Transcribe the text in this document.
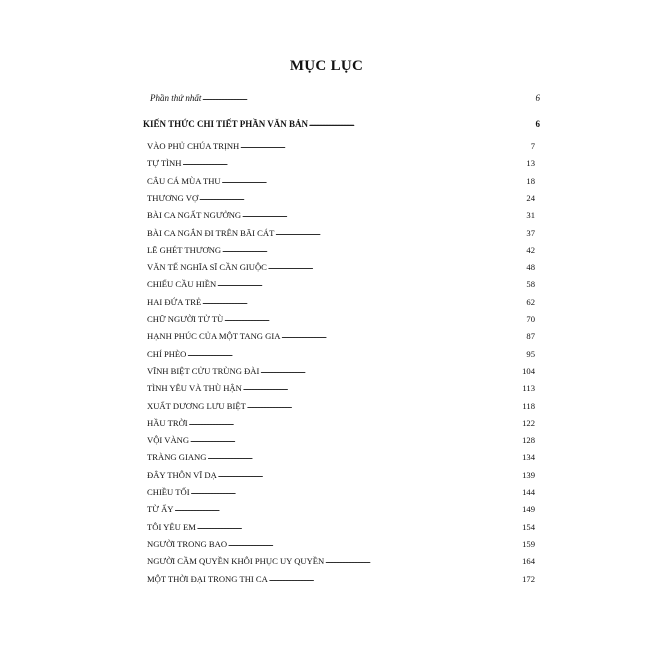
MỤC LỤC
Phần thứ nhất . . .	6
KIẾN THỨC CHI TIẾT PHẦN VĂN BẢN . . .	6
VÀO PHỦ CHÚA TRỊNH . . .	7
TỰ TÌNH . . .	13
CÂU CÁ MÙA THU . . .	18
THƯƠNG VỢ . . .	24
BÀI CA NGẤT NGƯỞNG . . .	31
BÀI CA NGẮN ĐI TRÊN BÃI CÁT . . .	37
LẼ GHÉT THƯƠNG . . .	42
VĂN TẾ NGHĨA SĨ CẦN GIUỘC . . .	48
CHIẾU CẦU HIỀN . . .	58
HAI ĐỨA TRẺ . . .	62
CHỮ NGƯỜI TỬ TÙ . . .	70
HẠNH PHÚC CỦA MỘT TANG GIA . . .	87
CHÍ PHÈO . . .	95
VĨNH BIỆT CỬU TRÙNG ĐÀI . . .	104
TÌNH YÊU VÀ THÙ HẬN . . .	113
XUẤT DƯƠNG LƯU BIỆT . . .	118
HẦU TRỜI . . .	122
VỘI VÀNG . . .	128
TRÀNG GIANG . . .	134
ĐÂY THÔN VĨ DẠ . . .	139
CHIỀU TỐI . . .	144
TỪ ẤY . . .	149
TÔI YÊU EM . . .	154
NGƯỜI TRONG BAO . . .	159
NGƯỜI CẦM QUYỀN KHÔI PHỤC UY QUYỀN . . .	164
MỘT THỜI ĐẠI TRONG THI CA . . .	172
